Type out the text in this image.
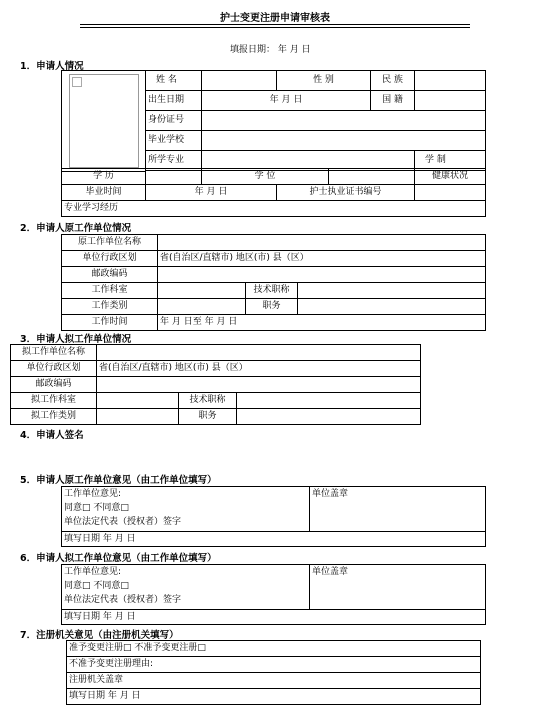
护士变更注册申请审核表
填报日期： 年 月 日
1．申请人情况
	姓 名		性 别	民 族	
	出生日期	年 月 日		国 籍	
	身份证号				
	毕业学校				
	所学专业				学 制

学 历		学 位			健康状况
毕业时间	年 月 日		护士执业证书编号		
专业学习经历					
2．申请人原工作单位情况
原工作单位名称			
单位行政区划	省(自治区/直辖市) 地区(市) 县（区）		
邮政编码			
工作科室		技术职称	
工作类别		职务	
工作时间	年 月 日至 年 月 日		
3．申请人拟工作单位情况
拟工作单位名称			
单位行政区划	省(自治区/直辖市) 地区(市) 县（区）		
邮政编码			
拟工作科室		技术职称	
拟工作类别		职务	
4．申请人签名
5．申请人原工作单位意见（由工作单位填写）
工作单位意见:	单位盖章
同意□ 不同意□
单位法定代表（授权者）签字
填写日期 年 月 日
6．申请人拟工作单位意见（由工作单位填写）
工作单位意见:	单位盖章
同意□ 不同意□
单位法定代表（授权者）签字
填写日期 年 月 日
7．注册机关意见（由注册机关填写）
准予变更注册□ 不准予变更注册□
不准予变更注册理由:
注册机关盖章
填写日期 年 月 日
